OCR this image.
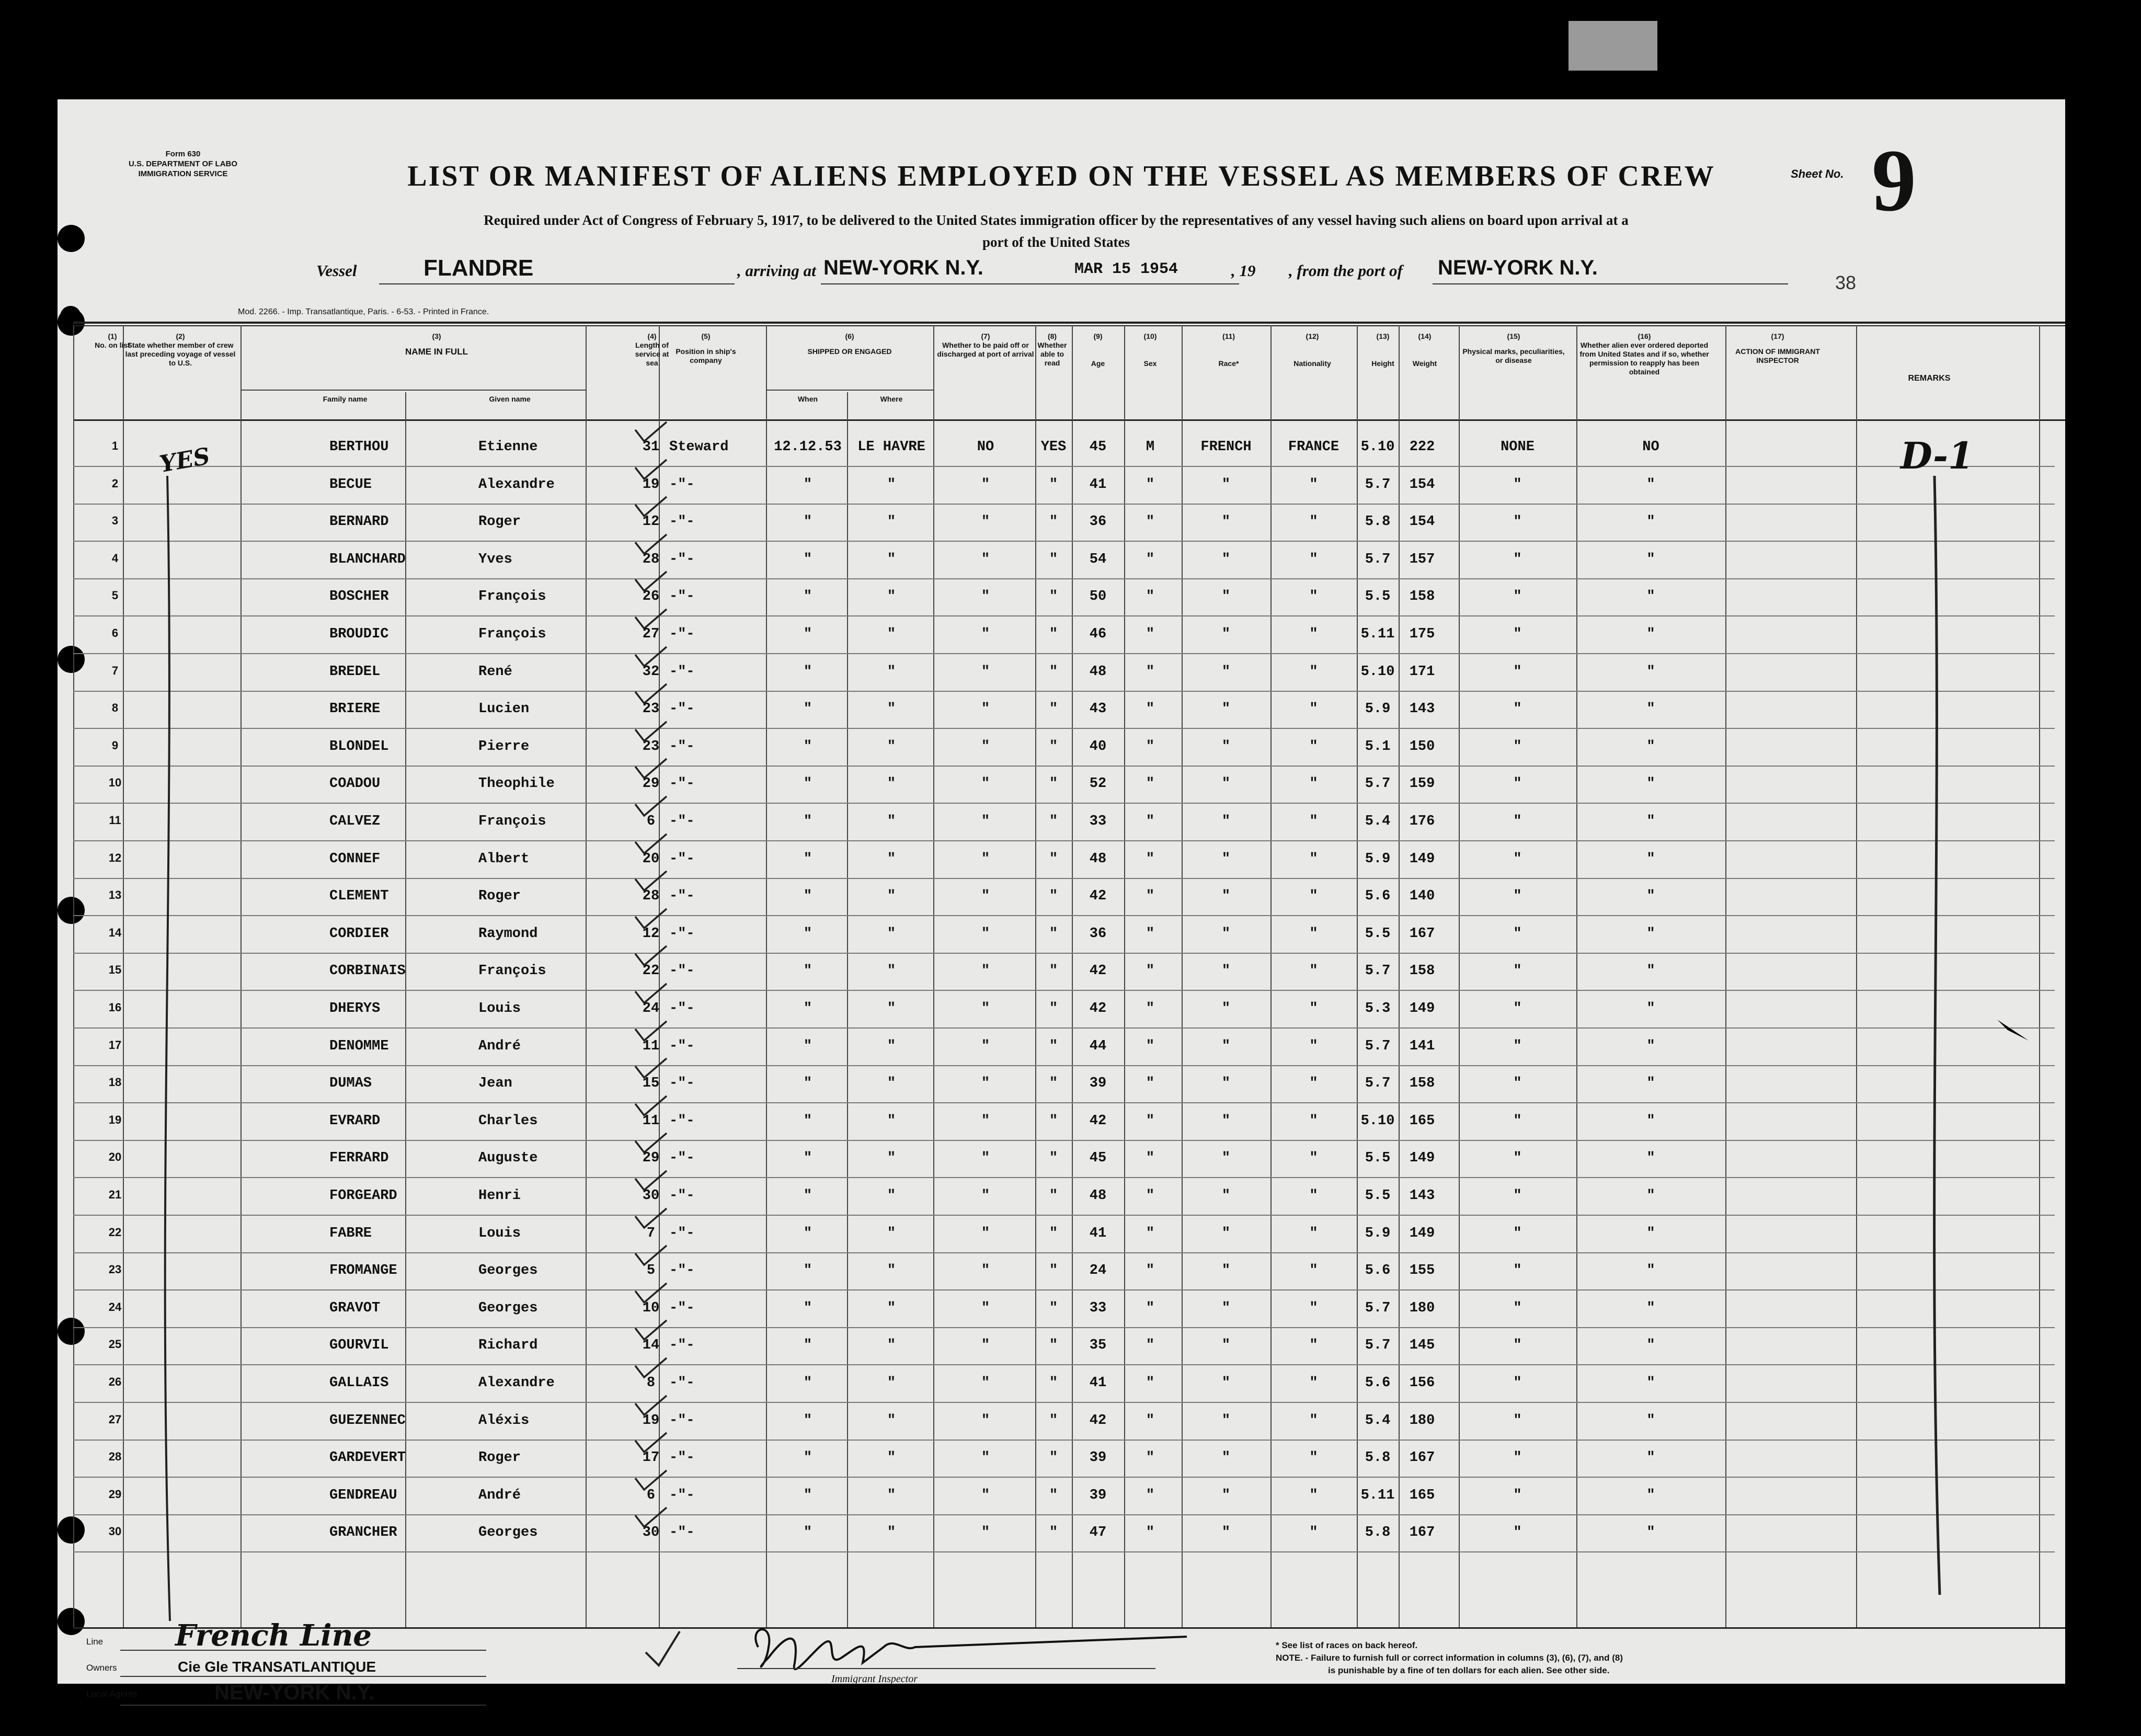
Form 630
U.S. DEPARTMENT OF LABO
IMMIGRATION SERVICE	LIST OR MANIFEST OF ALIENS EMPLOYED ON THE VESSEL AS MEMBERS OF CREW	Sheet No. 9
Required under Act of Congress of February 5, 1917, to be delivered to the United States immigration officer by the representatives of any vessel having such aliens on board upon arrival at a
port of the United States
Vessel	FLANDRE	, arriving at NEW-YORK N.Y.	MAR 15 1954	, 19 , from the port of NEW-YORK N.Y.
38
Mod. 2266. - Imp. Transatlantique, Paris. - 6-53. - Printed in France.
(1)
No. on list
(2)
State whether member of crew last preceding voyage of vessel to U.S.
(3)
NAME IN FULL
Family name	Given name
(4)
Length of service at sea
(5)
Position in ship's company
(6)
SHIPPED OR ENGAGED
When	Where
(7)
Whether to be paid off or discharged at port of arrival
(8)
Whether able to read
(9)
Age
(10)
Sex
(11)
Race*
(12)
Nationality
(13)
Height
(14)
Weight
(15)
Physical marks, peculiarities, or disease
(16)
Whether alien ever ordered deported from United States and if so, whether permission to reapply has been obtained
(17)
ACTION OF IMMIGRANT INSPECTOR
REMARKS
1	BERTHOU	Etienne	31 Steward	12.12.53	LE HAVRE	NO	YES	45	M	FRENCH	FRANCE	5.10	222	NONE	NO
2	BECUE	Alexandre	19 -"-	"	"	"	"	41	"	"	"	5.7	154	"	"
3	BERNARD	Roger	12 -"-	"	"	"	"	36	"	"	"	5.8	154	"	"
4	BLANCHARD	Yves	28 -"-	"	"	"	"	54	"	"	"	5.7	157	"	"
5	BOSCHER	François	26 -"-	"	"	"	"	50	"	"	"	5.5	158	"	"
6	BROUDIC	François	27 -"-	"	"	"	"	46	"	"	"	5.11	175	"	"
7	BREDEL	René	32 -"-	"	"	"	"	48	"	"	"	5.10	171	"	"
8	BRIERE	Lucien	23 -"-	"	"	"	"	43	"	"	"	5.9	143	"	"
9	BLONDEL	Pierre	23 -"-	"	"	"	"	40	"	"	"	5.1	150	"	"
10	COADOU	Theophile	29 -"-	"	"	"	"	52	"	"	"	5.7	159	"	"
11	CALVEZ	François	6 -"-	"	"	"	"	33	"	"	"	5.4	176	"	"
12	CONNEF	Albert	20 -"-	"	"	"	"	48	"	"	"	5.9	149	"	"
13	CLEMENT	Roger	28 -"-	"	"	"	"	42	"	"	"	5.6	140	"	"
14	CORDIER	Raymond	12 -"-	"	"	"	"	36	"	"	"	5.5	167	"	"
15	CORBINAIS	François	22 -"-	"	"	"	"	42	"	"	"	5.7	158	"	"
16	DHERYS	Louis	24 -"-	"	"	"	"	42	"	"	"	5.3	149	"	"
17	DENOMME	André	11 -"-	"	"	"	"	44	"	"	"	5.7	141	"	"
18	DUMAS	Jean	15 -"-	"	"	"	"	39	"	"	"	5.7	158	"	"
19	EVRARD	Charles	11 -"-	"	"	"	"	42	"	"	"	5.10	165	"	"
20	FERRARD	Auguste	29 -"-	"	"	"	"	45	"	"	"	5.5	149	"	"
21	FORGEARD	Henri	30 -"-	"	"	"	"	48	"	"	"	5.5	143	"	"
22	FABRE	Louis	7 -"-	"	"	"	"	41	"	"	"	5.9	149	"	"
23	FROMANGE	Georges	5 -"-	"	"	"	"	24	"	"	"	5.6	155	"	"
24	GRAVOT	Georges	10 -"-	"	"	"	"	33	"	"	"	5.7	180	"	"
25	GOURVIL	Richard	14 -"-	"	"	"	"	35	"	"	"	5.7	145	"	"
26	GALLAIS	Alexandre	8 -"-	"	"	"	"	41	"	"	"	5.6	156	"	"
27	GUEZENNEC	Aléxis	19 -"-	"	"	"	"	42	"	"	"	5.4	180	"	"
28	GARDEVERT	Roger	17 -"-	"	"	"	"	39	"	"	"	5.8	167	"	"
29	GENDREAU	André	6 -"-	"	"	"	"	39	"	"	"	5.11	165	"	"
30	GRANCHER	Georges	30 -"-	"	"	"	"	47	"	"	"	5.8	167	"	"
YES	D-1
Line French Line
Owners	Cie Gle TRANSATLANTIQUE
Local Agents	NEW-YORK N.Y.
Immigrant Inspector
* See list of races on back hereof.
NOTE. - Failure to furnish full or correct information in columns (3), (6), (7), and (8)
is punishable by a fine of ten dollars for each alien. See other side.
